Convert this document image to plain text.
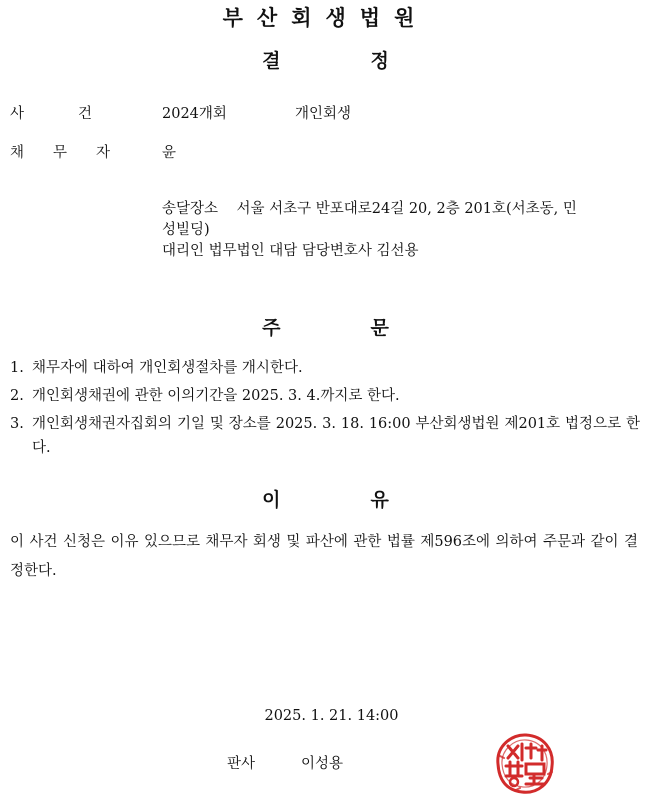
부산회생법원
결	정
사	건	2024개회	개인회생
채 무 자	윤
송달장소 서울 서초구 반포대로24길 20, 2층 201호(서초동, 민
성빌딩)
대리인 법무법인 대담 담당변호사 김선용
주	문
1. 채무자에 대하여 개인회생절차를 개시한다.
2. 개인회생채권에 관한 이의기간을 2025. 3. 4.까지로 한다.
3. 개인회생채권자집회의 기일 및 장소를 2025. 3. 18. 16:00 부산회생법원 제201호 법정으로 한다.
이	유

이 사건 신청은 이유 있으므로 채무자 회생 및 파산에 관한 법률 제596조에 의하여 주문과 같이 결정한다.

2025. 1. 21. 14:00
판사	이성용
